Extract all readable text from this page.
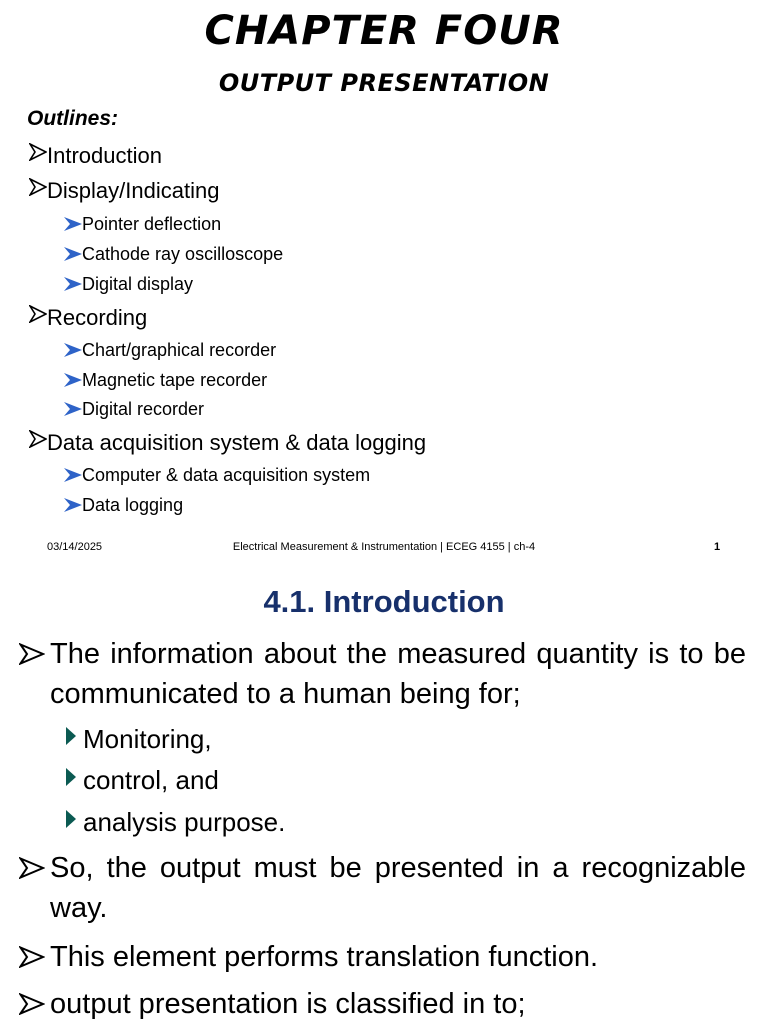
CHAPTER FOUR
OUTPUT PRESENTATION
Outlines:
Introduction
Display/Indicating
Pointer deflection
Cathode ray oscilloscope
Digital display
Recording
Chart/graphical recorder
Magnetic tape recorder
Digital recorder
Data acquisition system & data logging
Computer & data acquisition system
Data logging
03/14/2025	Electrical Measurement & Instrumentation | ECEG 4155 | ch-4	1
4.1. Introduction
The information about the measured quantity is to be communicated to a human being for;
Monitoring,
control, and
analysis purpose.
So, the output must be presented in a recognizable way.
This element performs translation function.
output presentation is classified in to;
